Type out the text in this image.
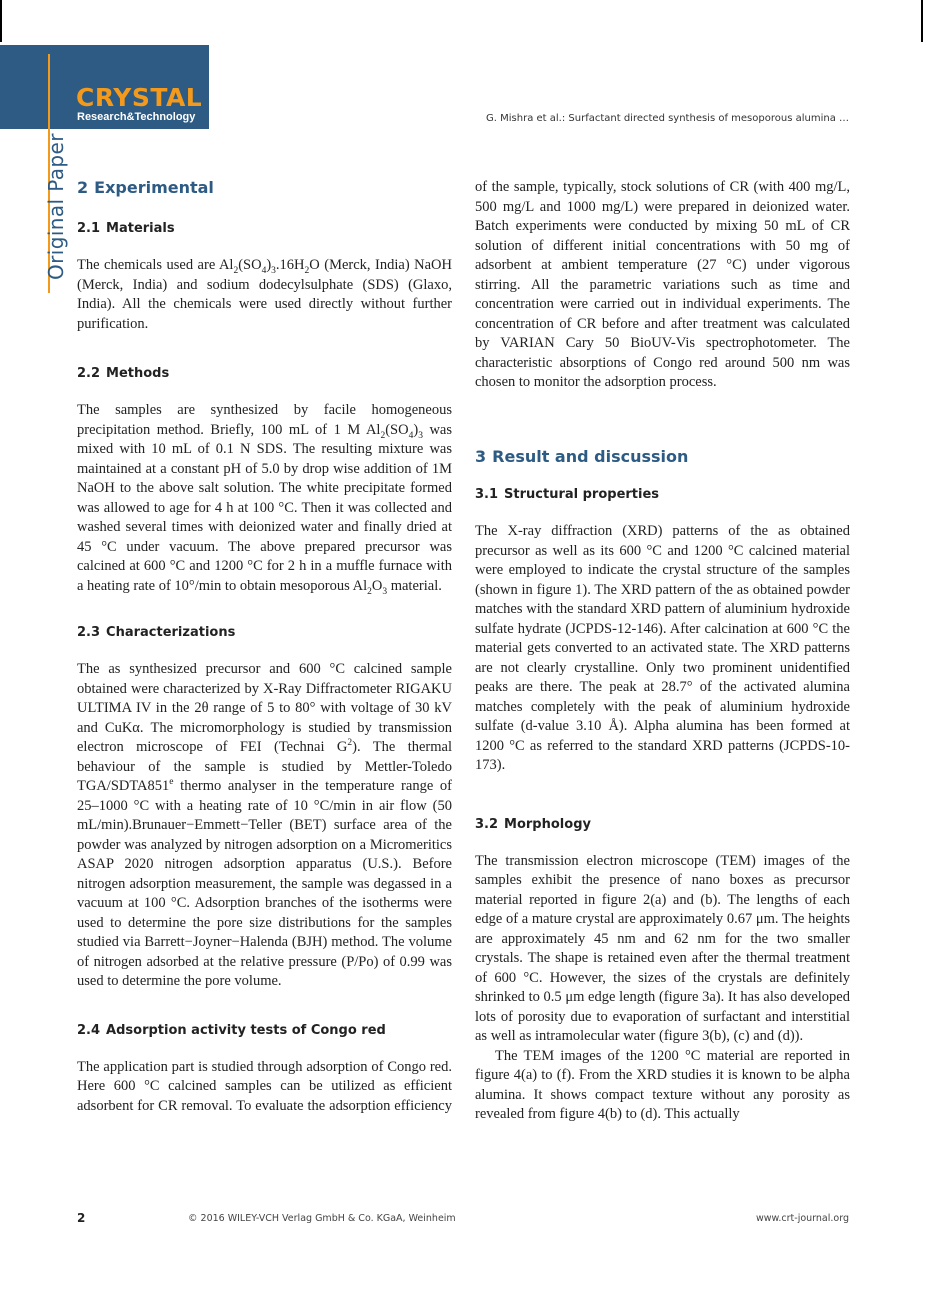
CRYSTAL
Research&Technology
Original Paper
G. Mishra et al.: Surfactant directed synthesis of mesoporous alumina …
2 Experimental
2.1 Materials

The chemicals used are $Al_2(SO_4)_3.16H_2O$ (Merck, India) NaOH (Merck, India) and sodium dodecylsulphate (SDS) (Glaxo, India). All the chemicals were used directly without further purification.

2.2 Methods

The samples are synthesized by facile homogeneous precipitation method. Briefly, 100 mL of 1 M $Al_2(SO_4)_3$ was mixed with 10 mL of 0.1 N SDS. The resulting mixture was maintained at a constant pH of 5.0 by drop wise addition of 1M NaOH to the above salt solution. The white precipitate formed was allowed to age for 4 h at 100 °C. Then it was collected and washed several times with deionized water and finally dried at 45 °C under vacuum. The above prepared precursor was calcined at 600 °C and 1200 °C for 2 h in a muffle furnace with a heating rate of 10°/min to obtain mesoporous $Al_2O_3$ material.

2.3 Characterizations

The as synthesized precursor and 600 °C calcined sample obtained were characterized by X-Ray Diffractometer RIGAKU ULTIMA IV in the 2θ range of 5 to 80° with voltage of 30 kV and CuKα. The micromorphology is studied by transmission electron microscope of FEI (Technai $G^2$). The thermal behaviour of the sample is studied by Mettler-Toledo TGA/SDTA851e thermo analyser in the temperature range of 25–1000 °C with a heating rate of 10 °C/min in air flow (50 mL/min).Brunauer−Emmett−Teller (BET) surface area of the powder was analyzed by nitrogen adsorption on a Micromeritics ASAP 2020 nitrogen adsorption apparatus (U.S.). Before nitrogen adsorption measurement, the sample was degassed in a vacuum at 100 °C. Adsorption branches of the isotherms were used to determine the pore size distributions for the samples studied via Barrett−Joyner−Halenda (BJH) method. The volume of nitrogen adsorbed at the relative pressure (P/Po) of 0.99 was used to determine the pore volume.

2.4 Adsorption activity tests of Congo red

The application part is studied through adsorption of Congo red. Here 600 °C calcined samples can be utilized as efficient adsorbent for CR removal. To evaluate the adsorption efficiency

of the sample, typically, stock solutions of CR (with 400 mg/L, 500 mg/L and 1000 mg/L) were prepared in deionized water. Batch experiments were conducted by mixing 50 mL of CR solution of different initial concentrations with 50 mg of adsorbent at ambient temperature (27 °C) under vigorous stirring. All the parametric variations such as time and concentration were carried out in individual experiments. The concentration of CR before and after treatment was calculated by VARIAN Cary 50 BioUV-Vis spectrophotometer. The characteristic absorptions of Congo red around 500 nm was chosen to monitor the adsorption process.

3 Result and discussion
3.1 Structural properties

The X-ray diffraction (XRD) patterns of the as obtained precursor as well as its 600 °C and 1200 °C calcined material were employed to indicate the crystal structure of the samples (shown in figure 1). The XRD pattern of the as obtained powder matches with the standard XRD pattern of aluminium hydroxide sulfate hydrate (JCPDS-12-146). After calcination at 600 °C the material gets converted to an activated state. The XRD patterns are not clearly crystalline. Only two prominent unidentified peaks are there. The peak at 28.7° of the activated alumina matches completely with the peak of aluminium hydroxide sulfate (d-value 3.10 Å). Alpha alumina has been formed at 1200 °C as referred to the standard XRD patterns (JCPDS-10-173).

3.2 Morphology

The transmission electron microscope (TEM) images of the samples exhibit the presence of nano boxes as precursor material reported in figure 2(a) and (b). The lengths of each edge of a mature crystal are approximately 0.67 μm. The heights are approximately 45 nm and 62 nm for the two smaller crystals. The shape is retained even after the thermal treatment of 600 °C. However, the sizes of the crystals are definitely shrinked to 0.5 μm edge length (figure 3a). It has also developed lots of porosity due to evaporation of surfactant and interstitial as well as intramolecular water (figure 3(b), (c) and (d)).

The TEM images of the 1200 °C material are reported in figure 4(a) to (f). From the XRD studies it is known to be alpha alumina. It shows compact texture without any porosity as revealed from figure 4(b) to (d). This actually

2	© 2016 WILEY-VCH Verlag GmbH & Co. KGaA, Weinheim	www.crt-journal.org
